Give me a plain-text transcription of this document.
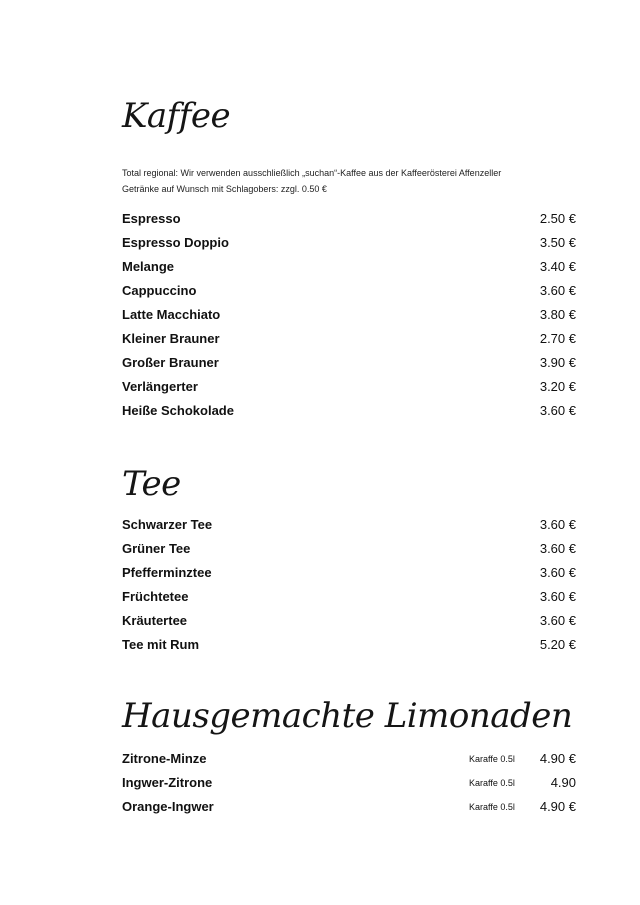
Kaffee
Total regional: Wir verwenden ausschließlich „suchan“-Kaffee aus der Kaffeerösterei Affenzeller
Getränke auf Wunsch mit Schlagobers: zzgl. 0.50 €
Espresso	2.50 €
Espresso Doppio	3.50 €
Melange	3.40 €
Cappuccino	3.60 €
Latte Macchiato	3.80 €
Kleiner Brauner	2.70 €
Großer Brauner	3.90 €
Verlängerter	3.20 €
Heiße Schokolade	3.60 €
Tee
Schwarzer Tee	3.60 €
Grüner Tee	3.60 €
Pfefferminztee	3.60 €
Früchtetee	3.60 €
Kräutertee	3.60 €
Tee mit Rum	5.20 €
Hausgemachte Limonaden
Zitrone-Minze	Karaffe 0.5l 4.90 €
Ingwer-Zitrone	Karaffe 0.5l	4.90
Orange-Ingwer	Karaffe 0.5l 4.90 €
